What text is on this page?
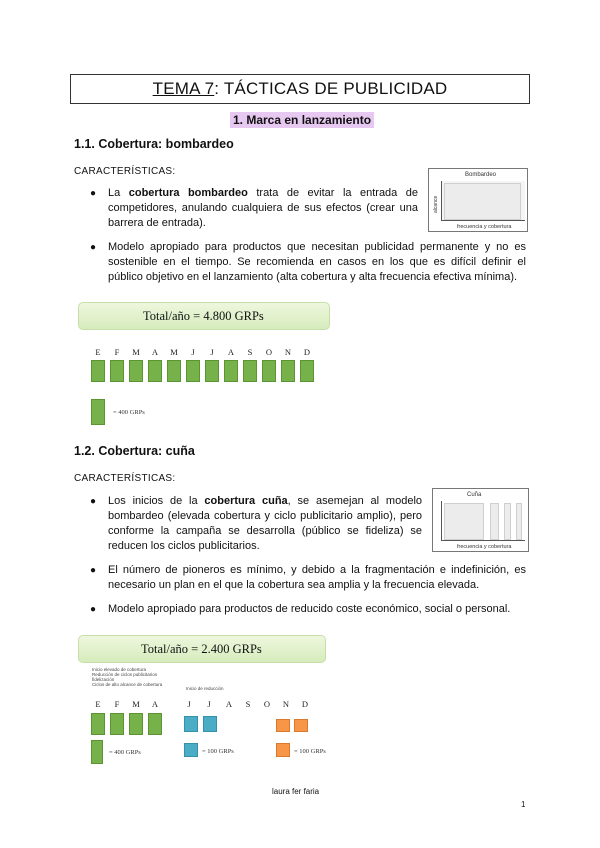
TEMA 7 : TÁCTICAS DE PUBLICIDAD
1. Marca en lanzamiento
1.1. Cobertura: bombardeo
CARACTERÍSTICAS:
● La cobertura bombardeo trata de evitar la entrada de competidores, anulando cualquiera de sus efectos (crear una barrera de entrada).
Bombardeo
alcance
frecuencia y cobertura
● Modelo apropiado para productos que necesitan publicidad permanente y no es sostenible en el tiempo. Se recomienda en casos en los que es difícil definir el público objetivo en el lanzamiento (alta cobertura y alta frecuencia efectiva mínima).
Total/año = 4.800 GRPs
E	F	M	A	M	J	J	A	S	O	N	D
= 400 GRPs
1.2. Cobertura: cuña
CARACTERÍSTICAS:
● Los inicios de la cobertura cuña, se asemejan al modelo bombardeo (elevada cobertura y ciclo publicitario amplio), pero conforme la campaña se desarrolla (público se fideliza) se reducen los ciclos publicitarios.
Cuña
frecuencia y cobertura
● El número de pioneros es mínimo, y debido a la fragmentación e indefinición, es necesario un plan en el que la cobertura sea amplia y la frecuencia elevada.
● Modelo apropiado para productos de reducido coste económico, social o personal.
Total/año = 2.400 GRPs
Inicio elevado de cobertura
Reducción de ciclos publicitarios
fidelización
Ciclos de alto alcance de cobertura
Inicio de reducción
E	F	M	A	J	J	A	S	O	N	D
= 400 GRPs	= 100 GRPs	= 100 GRPs
laura fer faria
1
